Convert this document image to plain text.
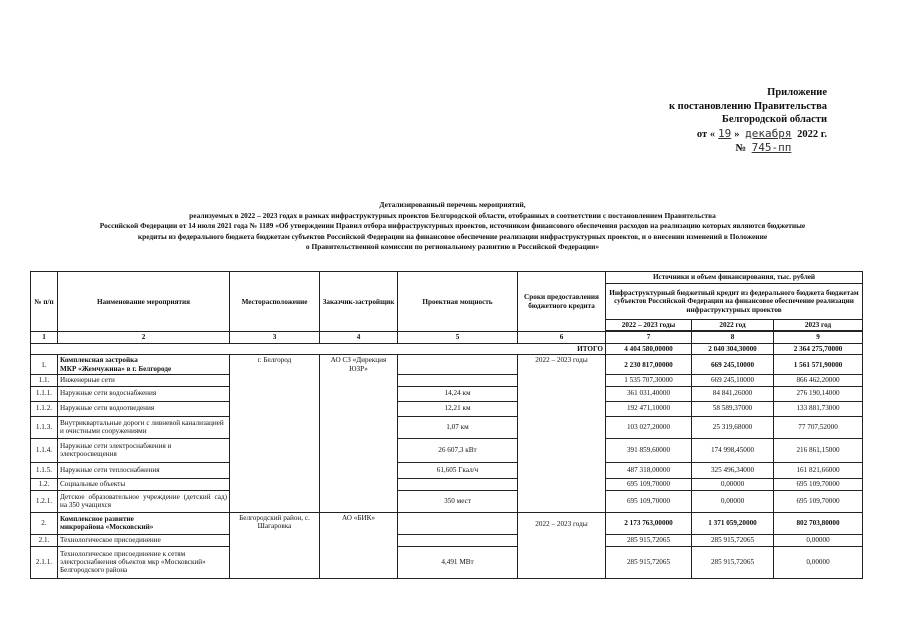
Приложение
к постановлению Правительства
Белгородской области
от « 19 » декабря 2022 г.
№ 745-пп
Детализированный перечень мероприятий,
реализуемых в 2022 – 2023 годах в рамках инфраструктурных проектов Белгородской области, отобранных в соответствии с постановлением Правительства
Российской Федерации от 14 июля 2021 года № 1189 «Об утверждении Правил отбора инфраструктурных проектов, источником финансового обеспечения расходов на реализацию которых являются бюджетные
кредиты из федерального бюджета бюджетам субъектов Российской Федерации на финансовое обеспечение реализации инфраструктурных проектов, и о внесении изменений в Положение
о Правительственной комиссии по региональному развитию в Российской Федерации»
№ п/п	Наименование мероприятия	Месторасположение	Заказчик-застройщик	Проектная мощность	Сроки предоставления бюджетного кредита	Источники и объем финансирования, тыс. рублей		
						Инфраструктурный бюджетный кредит из федерального бюджета бюджетам субъектов Российской Федерации на финансовое обеспечение реализации инфраструктурных проектов		
						2022 – 2023 годы	2022 год	2023 год

1	2	3	4	5	6	7	8	9
ИТОГО						4 404 580,00000	2 040 304,30000	2 364 275,70000
1.	Комплексная застройка
МКР «Жемчужина» в г. Белгороде	г. Белгород	АО СЗ «Дирекция ЮЗР»		2022 – 2023 годы	2 230 817,00000	669 245,10000	1 561 571,90000
1.1.	Инженерные сети					1 535 707,30000	669 245,10000	866 462,20000
1.1.1.	Наружные сети водоснабжения			14,24 км		361 031,40000	84 841,26000	276 190,14000
1.1.2.	Наружные сети водоотведения			12,21 км		192 471,10000	58 589,37000	133 881,73000
1.1.3.	Внутриквартальные дороги с ливневой канализацией и очистными сооружениями			1,07 км		103 027,20000	25 319,68000	77 707,52000
1.1.4.	Наружные сети электроснабжения и электроосвещения			26 607,3 кВт		391 859,60000	174 998,45000	216 861,15000
1.1.5.	Наружные сети теплоснабжения			61,605 Гкал/ч		487 318,00000	325 496,34000	161 821,66000
1.2.	Социальные объекты					695 109,70000	0,00000	695 109,70000
1.2.1.	Детское образовательное учреждение (детский сад) на 350 учащихся			350 мест		695 109,70000	0,00000	695 109,70000

2.	Комплексное развитие
микрорайона «Московский»	Белгородский район, с. Шагаровка	АО «БИК»		2022 – 2023 годы	2 173 763,00000	1 371 059,20000	802 703,80000
2.1.	Технологическое присоединение					285 915,72065	285 915,72065	0,00000
2.1.1.	Технологическое присоединение к сетям электроснабжения объектов мкр «Московский» Белгородского района			4,491 МВт		285 915,72065	285 915,72065	0,00000
